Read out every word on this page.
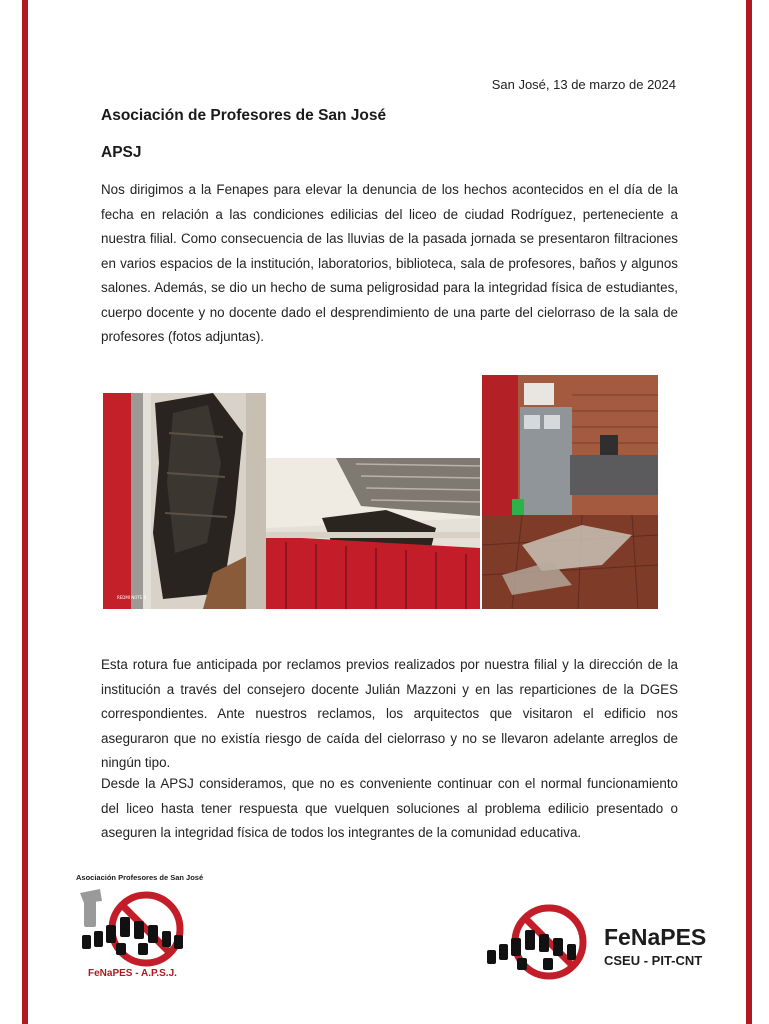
San José, 13 de marzo de 2024
Asociación de Profesores de San José
APSJ

Nos dirigimos a la Fenapes para elevar la denuncia de los hechos acontecidos en el día de la fecha en relación a las condiciones edilicias del liceo de ciudad Rodríguez, perteneciente a nuestra filial. Como consecuencia de las lluvias de la pasada jornada se presentaron filtraciones en varios espacios de la institución, laboratorios, biblioteca, sala de profesores, baños y algunos salones. Además, se dio un hecho de suma peligrosidad para la integridad física de estudiantes, cuerpo docente y no docente dado el desprendimiento de una parte del cielorraso de la sala de profesores (fotos adjuntas).

REDMI NOTE 8

Esta rotura fue anticipada por reclamos previos realizados por nuestra filial y la dirección de la institución a través del consejero docente Julián Mazzoni y en las reparticiones de la DGES correspondientes. Ante nuestros reclamos, los arquitectos que visitaron el edificio nos aseguraron que no existía riesgo de caída del cielorraso y no se llevaron adelante arreglos de ningún tipo.

Desde la APSJ consideramos, que no es conveniente continuar con el normal funcionamiento del liceo hasta tener respuesta que vuelquen soluciones al problema edilicio presentado o aseguren la integridad física de todos los integrantes de la comunidad educativa.

Asociación Profesores de San José
FeNaPES - A.P.S.J.
FeNaPES
CSEU - PIT-CNT
